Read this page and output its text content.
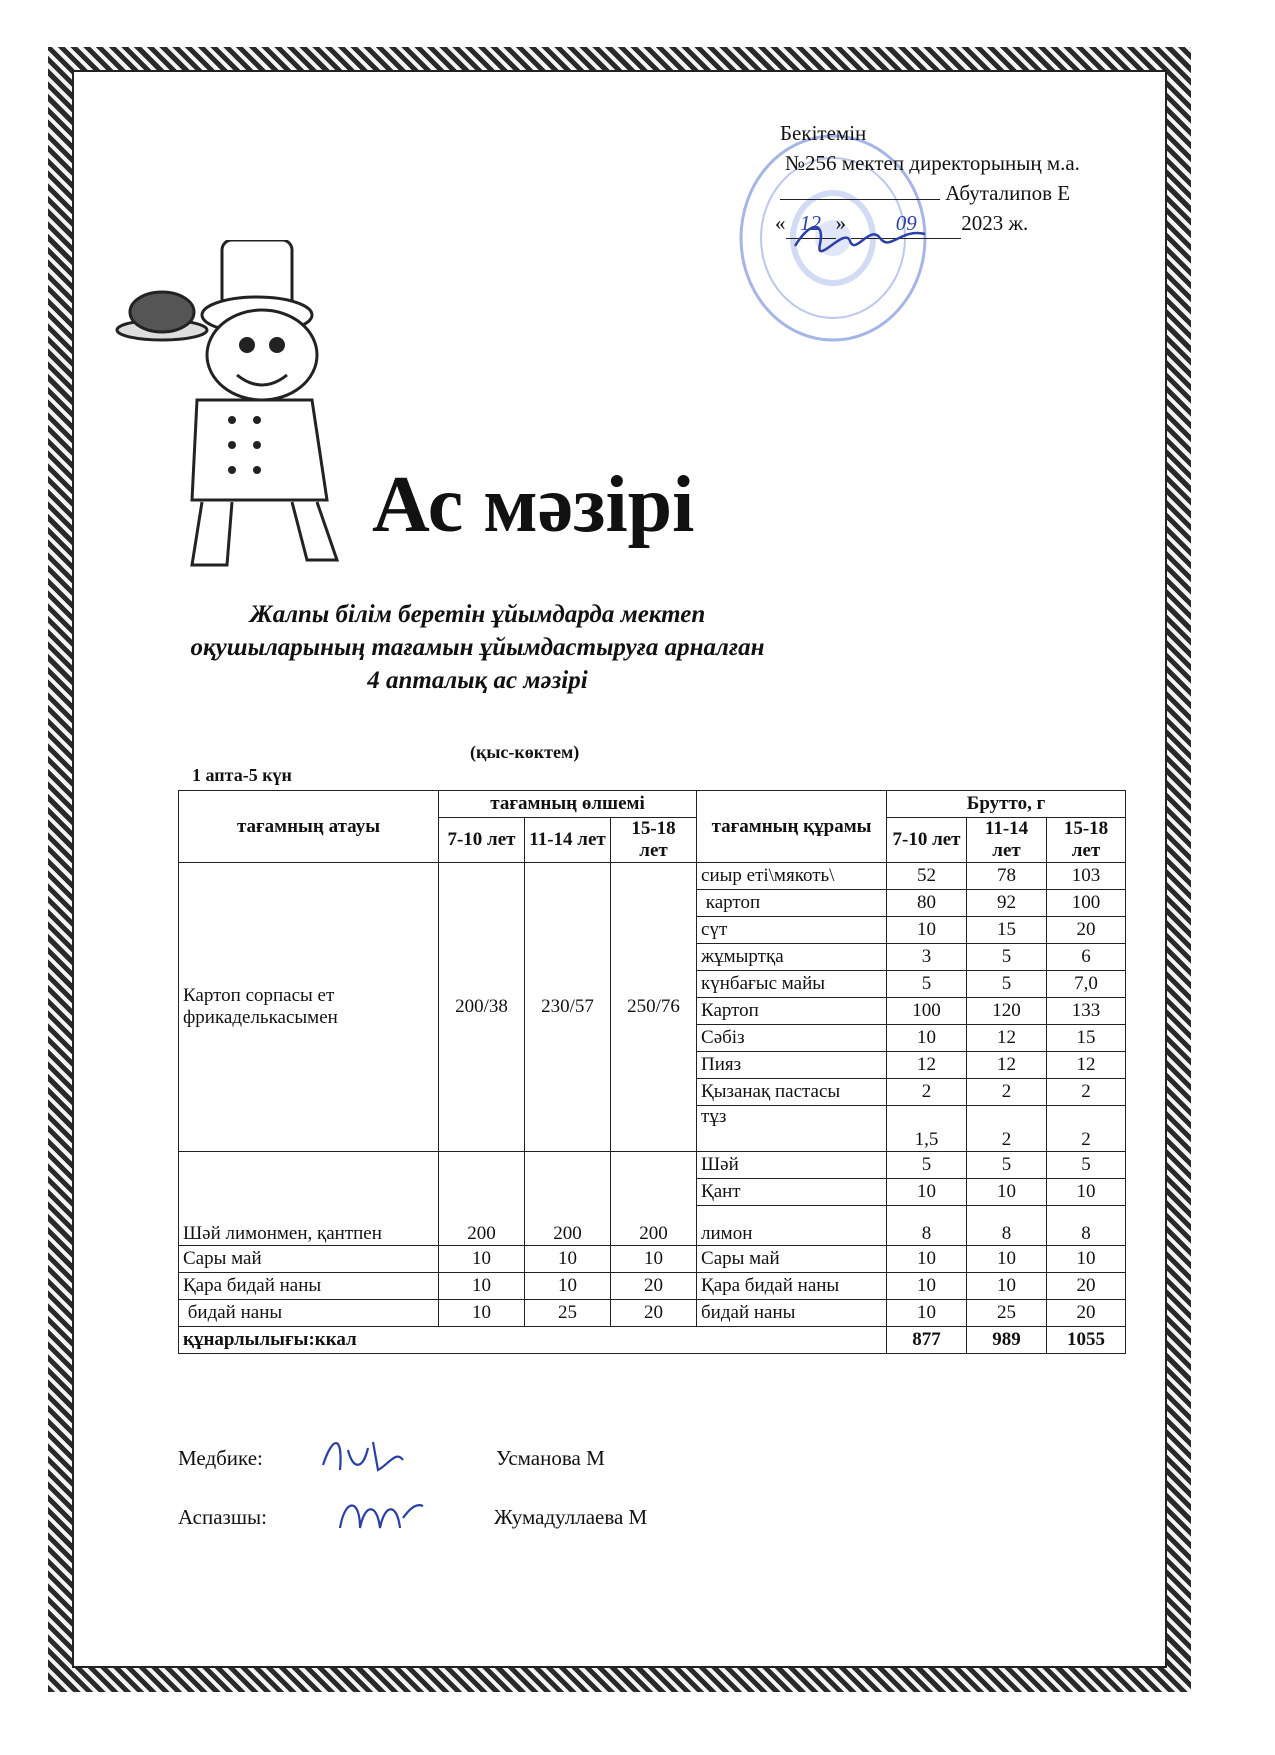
Бекітемін
№256 мектеп директорының м.а.
Абуталипов Е
« 12 » 09 2023 ж.
Ас мәзірі
Жалпы білім беретін ұйымдарда мектеп оқушыларының тағамын ұйымдастыруға арналған 4 апталық ас мәзірі
(қыс-көктем)
1 апта-5 күн
тағамның атауы	тағамның өлшемі			тағамның құрамы	Брутто, г		
	7-10 лет	11-14 лет	15-18 лет		7-10 лет	11-14 лет	15-18 лет
Картоп сорпасы ет фрикаделькасымен	200/38	230/57	250/76	сиыр еті\мякоть\	52	78	103
				картоп	80	92	100
				сүт	10	15	20
				жұмыртқа	3	5	6
				күнбағыс майы	5	5	7,0
				Картоп	100	120	133
				Сәбіз	10	12	15
				Пияз	12	12	12
				Қызанақ пастасы	2	2	2
				тұз	1,5	2	2
Шәй лимонмен, қантпен	200	200	200	Шәй	5	5	5
				Қант	10	10	10
				лимон	8	8	8
Сары май	10	10	10	Сары май	10	10	10
Қара бидай наны	10	10	20	Қара бидай наны	10	10	20
бидай наны	10	25	20	бидай наны	10	25	20
құнарлылығы:ккал					877	989	1055
Медбике:	Усманова М
Аспазшы:	Жумадуллаева М
